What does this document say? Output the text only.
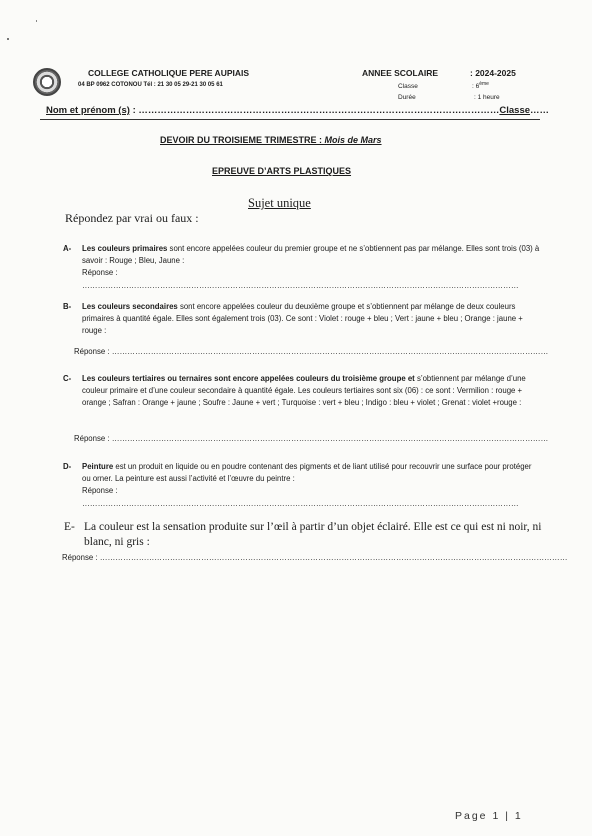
COLLEGE CATHOLIQUE PERE AUPIAIS
04 BP 0962 COTONOU Tél : 21 30 05 29-21 30 05 61
ANNEE SCOLAIRE	: 2024-2025
Classe	: 6ème
Durée	: 1 heure
Nom et prénom (s) : ……………………………………………………………………………………………………Classe……
DEVOIR DU TROISIEME TRIMESTRE : Mois de Mars
EPREUVE D’ARTS PLASTIQUES
Sujet unique
Répondez par vrai ou faux :
A- Les couleurs primaires sont encore appelées couleur du premier groupe et ne s’obtiennent pas par mélange. Elles sont trois (03) à savoir : Rouge ; Bleu, Jaune :
Réponse : ……………………………………………………………………………………………………………………………………………………
B- Les couleurs secondaires sont encore appelées couleur du deuxième groupe et s’obtiennent par mélange de deux couleurs primaires à quantité égale. Elles sont également trois (03). Ce sont : Violet : rouge + bleu ; Vert : jaune + bleu ; Orange : jaune + rouge :
Réponse : ……………………………………………………………………………………………………………………………………………………
C- Les couleurs tertiaires ou ternaires sont encore appelées couleurs du troisième groupe et s’obtiennent par mélange d’une couleur primaire et d’une couleur secondaire à quantité égale. Les couleurs tertiaires sont six (06) : ce sont : Vermilion : rouge + orange ; Safran : Orange + jaune ; Soufre : Jaune + vert ; Turquoise : vert + bleu ; Indigo : bleu + violet ; Grenat : violet +rouge :
Réponse : ……………………………………………………………………………………………………………………………………………………
D- Peinture est un produit en liquide ou en poudre contenant des pigments et de liant utilisé pour recouvrir une surface pour protéger ou orner. La peinture est aussi l’activité et l’œuvre du peintre :
Réponse : ……………………………………………………………………………………………………………………………………………………
E- La couleur est la sensation produite sur l’œil à partir d’un objet éclairé. Elle est ce qui est ni noir, ni blanc, ni gris :
Réponse : ………………………………………………………………………………………………………………………………………………………………
Page 1 | 1
